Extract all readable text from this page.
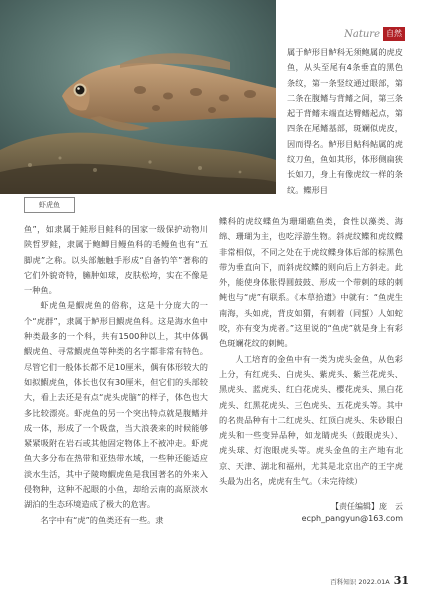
虾虎鱼
Nature 自然

属于鲈形目鲈科无须鲍属的虎皮鱼，从头至尾有4条垂直的黑色条纹，第一条竖纹通过眼部，第二条在腹鳍与背鳍之间，第三条起于背鳍末端直达臀鳍起点，第四条在尾鳍基部，斑斓似虎皮，因而得名。鲈形目鲇科鲇属的虎纹刀鱼，鱼如其形，体形侧扁狭长如刀，身上有像虎纹一样的条纹。鲽形目

鱼”，如隶属于鲑形目鲑科的国家一级保护动物川陕哲罗鲑，隶属于鲍鲫目鳗鱼科的毛鳗鱼也有“五脚虎”之称。以头部触触手形成“自备钓竿”著称的它们外貌奇特，臃肿如球，皮肤松垮，实在不像是一种鱼。

虾虎鱼是鰕虎鱼的俗称，这是十分庞大的一个“虎群”，隶属于鲈形目鰕虎鱼科。这是海水鱼中种类最多的一个科，共有1500种以上，其中体偶鰕虎鱼、寻常鰕虎鱼等种类的名字都非常有特色。尽管它们一般体长都不足10厘米，偶有体形较大的如拟鰕虎鱼，体长也仅有30厘米，但它们的头部较大，看上去还是有点“虎头虎脑”的样子，体色也大多比较漂亮。虾虎鱼的另一个突出特点就是腹鳍并成一体，形成了一个吸盘，当大浪袭来的时候能够紧紧吸附在岩石或其他固定物体上不被冲走。虾虎鱼大多分布在热带和亚热带水域，一些种还能适应淡水生活，其中子陵吻鰕虎鱼是我国著名的外来入侵物种，这种不起眼的小鱼，却给云南的高原淡水湖泊的生态环境造成了极大的危害。

名字中有“虎”的鱼类还有一些。隶

鲽科的虎纹蝶鱼为珊瑚礁鱼类，食性以藻类、海绵、珊瑚为主，也吃浮游生物。斜虎纹鲽和虎纹鲽非常相似，不同之处在于虎纹鲽身体后部的棕黑色带为垂直向下，而斜虎纹鲽的则向后上方斜走。此外，能使身体胀得圆鼓鼓、形成一个带刺的球的刺鲀也与“虎”有联系。《本草拾遗》中就有：“鱼虎生南海，头如虎，背皮如猬，有刺着（同蜇）人如蛇咬，亦有变为虎者。”这里说的“鱼虎”就是身上有彩色斑斓花纹的刺鲀。

人工培育的金鱼中有一类为虎头金鱼，从色彩上分，有红虎头、白虎头、紫虎头、紫兰花虎头、黑虎头、蓝虎头、红白花虎头、樱花虎头、黑白花虎头、红黑花虎头、三色虎头、五花虎头等。其中的名贵品种有十二红虎头、红顶白虎头、朱砂眼白虎头和一些变异品种，如龙睛虎头（鼓眼虎头）、虎头球、灯泡眼虎头等。虎头金鱼的主产地有北京、天津、湖北和福州，尤其是北京出产的王字虎头最为出名，虎虎有生气。（未完待续）

【责任编辑】庞　云

ecph_pangyun@163.com

百科知识 2022.01A 31
